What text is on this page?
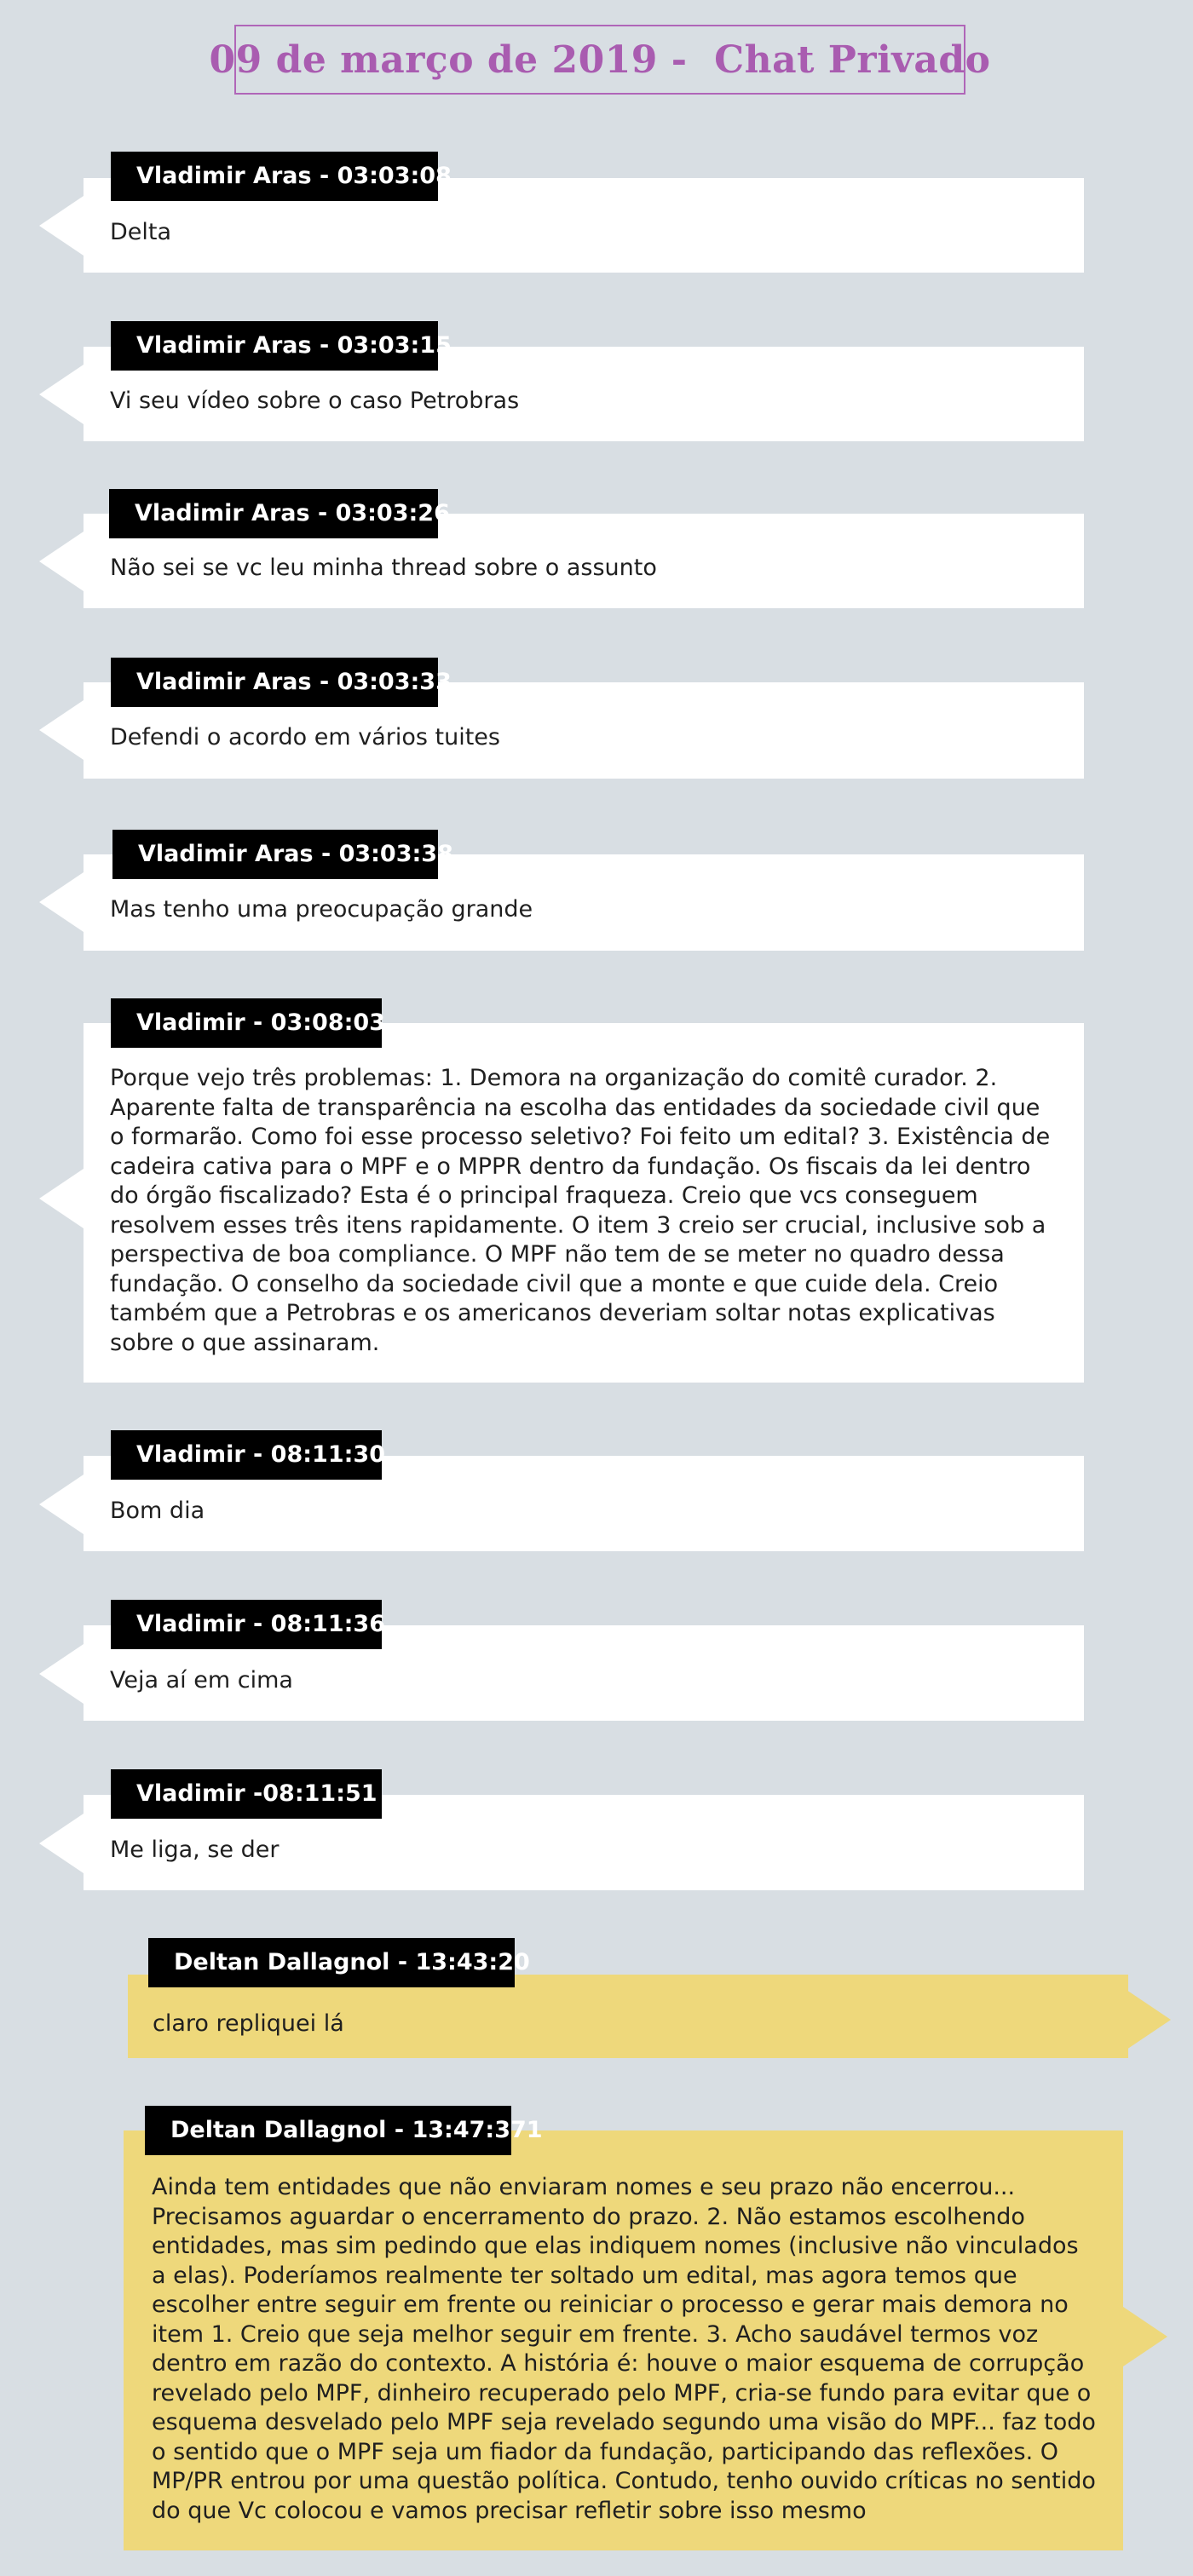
09 de março de 2019 -  Chat Privado
Delta
Vladimir Aras - 03:03:08
Vi seu vídeo sobre o caso Petrobras
Vladimir Aras - 03:03:15
Não sei se vc leu minha thread sobre o assunto
Vladimir Aras - 03:03:26
Defendi o acordo em vários tuites
Vladimir Aras - 03:03:33
Mas tenho uma preocupação grande
Vladimir Aras - 03:03:38
Porque vejo três problemas: 1. Demora na organização do comitê curador. 2. Aparente falta de transparência na escolha das entidades da sociedade civil que o formarão. Como foi esse processo seletivo? Foi feito um edital? 3. Existência de cadeira cativa para o MPF e o MPPR dentro da fundação. Os fiscais da lei dentro do órgão fiscalizado? Esta é o principal fraqueza. Creio que vcs conseguem resolvem esses três itens rapidamente. O item 3 creio ser crucial, inclusive sob a perspectiva de boa compliance. O MPF não tem de se meter no quadro dessa fundação. O conselho da sociedade civil que a monte e que cuide dela. Creio também que a Petrobras e os americanos deveriam soltar notas explicativas sobre o que assinaram.
Vladimir - 03:08:03
Bom dia
Vladimir - 08:11:30
Veja aí em cima
Vladimir - 08:11:36
Me liga, se der
Vladimir -08:11:51
claro repliquei lá
Deltan Dallagnol - 13:43:20
Ainda tem entidades que não enviaram nomes e seu prazo não encerrou... Precisamos aguardar o encerramento do prazo. 2. Não estamos escolhendo entidades, mas sim pedindo que elas indiquem nomes (inclusive não vinculados a elas). Poderíamos realmente ter soltado um edital, mas agora temos que escolher entre seguir em frente ou reiniciar o processo e gerar mais demora no item 1. Creio que seja melhor seguir em frente. 3. Acho saudável termos voz dentro em razão do contexto. A história é: houve o maior esquema de corrupção revelado pelo MPF, dinheiro recuperado pelo MPF, cria-se fundo para evitar que o esquema desvelado pelo MPF seja revelado segundo uma visão do MPF... faz todo o sentido que o MPF seja um fiador da fundação, participando das reflexões. O MP/PR entrou por uma questão política. Contudo, tenho ouvido críticas no sentido do que Vc colocou e vamos precisar refletir sobre isso mesmo
Deltan Dallagnol - 13:47:371
